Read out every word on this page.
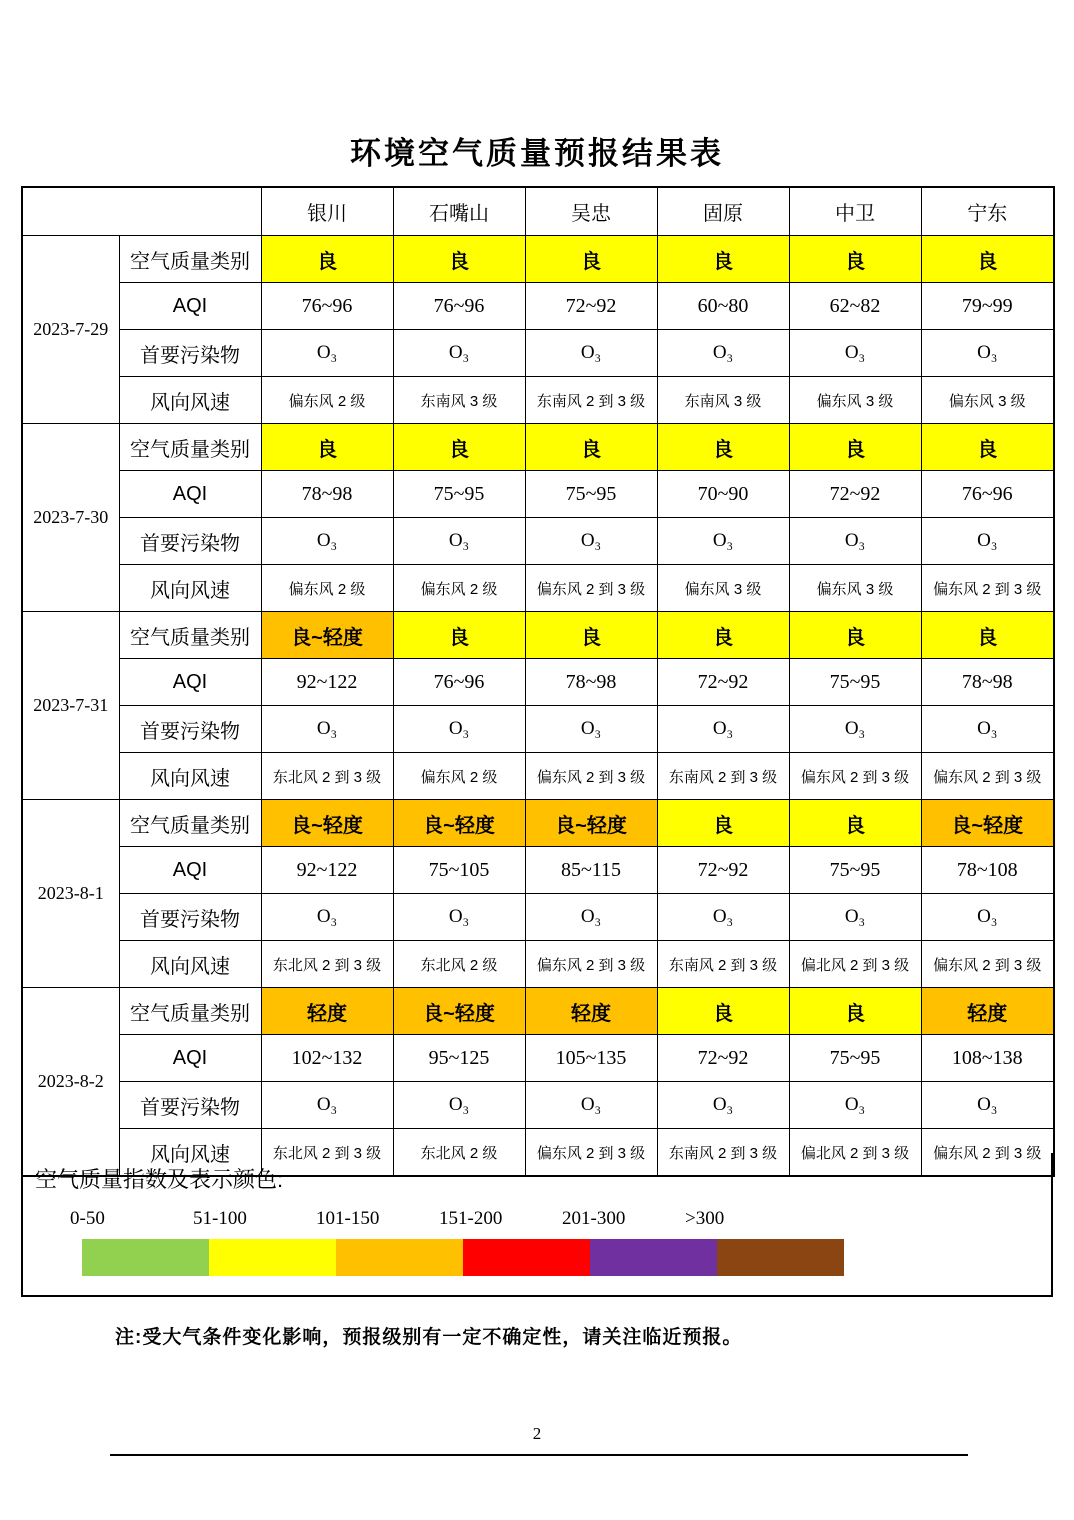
环境空气质量预报结果表
		银川	石嘴山	吴忠	固原	中卫	宁东
2023-7-29	空气质量类别	良	良	良	良	良	良
	AQI	76~96	76~96	72~92	60~80	62~82	79~99
	首要污染物	O₃	O₃	O₃	O₃	O₃	O₃
	风向风速	偏东风 2 级	东南风 3 级	东南风 2 到 3 级	东南风 3 级	偏东风 3 级	偏东风 3 级
2023-7-30	空气质量类别	良	良	良	良	良	良
	AQI	78~98	75~95	75~95	70~90	72~92	76~96
	首要污染物	O₃	O₃	O₃	O₃	O₃	O₃
	风向风速	偏东风 2 级	偏东风 2 级	偏东风 2 到 3 级	偏东风 3 级	偏东风 3 级	偏东风 2 到 3 级
2023-7-31	空气质量类别	良~轻度	良	良	良	良	良
	AQI	92~122	76~96	78~98	72~92	75~95	78~98
	首要污染物	O₃	O₃	O₃	O₃	O₃	O₃
	风向风速	东北风 2 到 3 级	偏东风 2 级	偏东风 2 到 3 级	东南风 2 到 3 级	偏东风 2 到 3 级	偏东风 2 到 3 级
2023-8-1	空气质量类别	良~轻度	良~轻度	良~轻度	良	良	良~轻度
	AQI	92~122	75~105	85~115	72~92	75~95	78~108
	首要污染物	O₃	O₃	O₃	O₃	O₃	O₃
	风向风速	东北风 2 到 3 级	东北风 2 级	偏东风 2 到 3 级	东南风 2 到 3 级	偏北风 2 到 3 级	偏东风 2 到 3 级
2023-8-2	空气质量类别	轻度	良~轻度	轻度	良	良	轻度
	AQI	102~132	95~125	105~135	72~92	75~95	108~138
	首要污染物	O₃	O₃	O₃	O₃	O₃	O₃
	风向风速	东北风 2 到 3 级	东北风 2 级	偏东风 2 到 3 级	东南风 2 到 3 级	偏北风 2 到 3 级	偏东风 2 到 3 级
空气质量指数及表示颜色:
0-50	51-100	101-150	151-200	201-300	>300
注:受大气条件变化影响，预报级别有一定不确定性，请关注临近预报。
2
